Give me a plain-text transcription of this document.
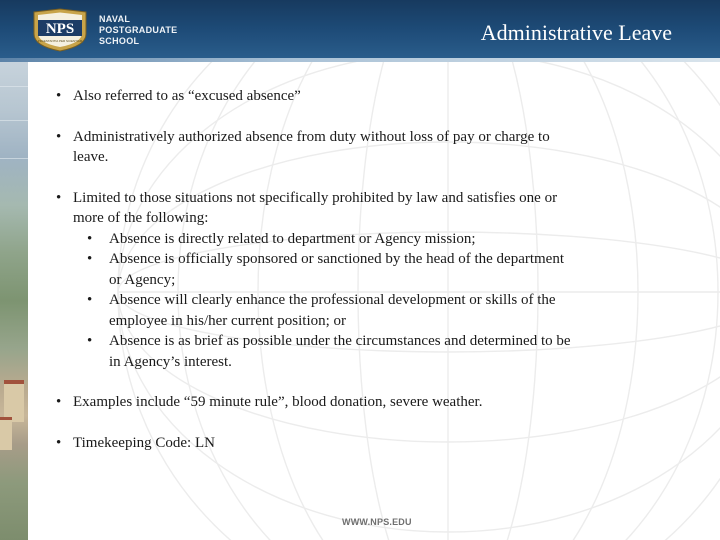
NPS
PRAESTANTIA PER SCIENTIAM
NAVAL
POSTGRADUATE
SCHOOL	Administrative Leave
• Also referred to as “excused absence”
• Administratively authorized absence from duty without loss of pay or charge to
leave.
• Limited to those situations not specifically prohibited by law and satisfies one or
more of the following:
• Absence is directly related to department or Agency mission;
• Absence is officially sponsored or sanctioned by the head of the department
or Agency;
• Absence will clearly enhance the professional development or skills of the
employee in his/her current position; or
• Absence is as brief as possible under the circumstances and determined to be
in Agency’s interest.
• Examples include “59 minute rule”, blood donation, severe weather.
• Timekeeping Code: LN
WWW.NPS.EDU
